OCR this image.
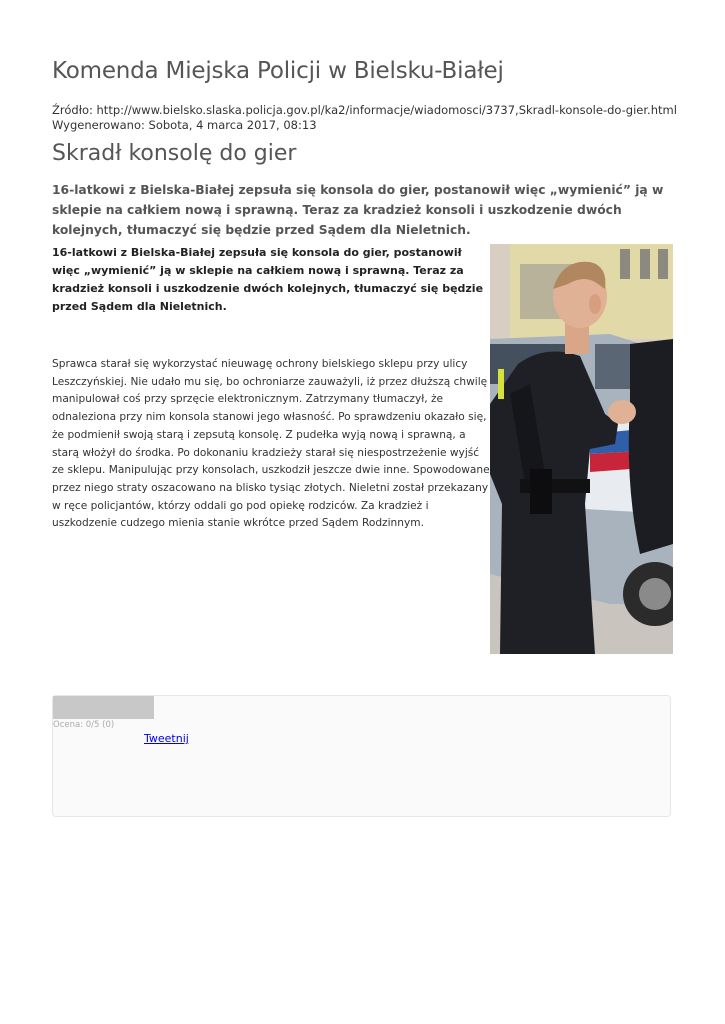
Komenda Miejska Policji w Bielsku-Białej
Źródło: http://www.bielsko.slaska.policja.gov.pl/ka2/informacje/wiadomosci/3737,Skradl-konsole-do-gier.html
Wygenerowano: Sobota, 4 marca 2017, 08:13
Skradł konsolę do gier

16-latkowi z Bielska-Białej zepsuła się konsola do gier, postanowił więc „wymienić” ją w sklepie na całkiem nową i sprawną. Teraz za kradzież konsoli i uszkodzenie dwóch kolejnych, tłumaczyć się będzie przed Sądem dla Nieletnich.

16-latkowi z Bielska-Białej zepsuła się konsola do gier, postanowił więc „wymienić” ją w sklepie na całkiem nową i sprawną. Teraz za kradzież konsoli i uszkodzenie dwóch kolejnych, tłumaczyć się będzie przed Sądem dla Nieletnich.

Sprawca starał się wykorzystać nieuwagę ochrony bielskiego sklepu przy ulicy Leszczyńskiej. Nie udało mu się, bo ochroniarze zauważyli, iż przez dłuższą chwilę manipulował coś przy sprzęcie elektronicznym. Zatrzymany tłumaczył, że odnaleziona przy nim konsola stanowi jego własność. Po sprawdzeniu okazało się, że podmienił swoją starą i zepsutą konsolę. Z pudełka wyją nową i sprawną, a starą włożył do środka. Po dokonaniu kradzieży starał się niespostrzeżenie wyjść ze sklepu. Manipulując przy konsolach, uszkodził jeszcze dwie inne. Spowodowane przez niego straty oszacowano na blisko tysiąc złotych. Nieletni został przekazany w ręce policjantów, którzy oddali go pod opiekę rodziców. Za kradzież i uszkodzenie cudzego mienia stanie wkrótce przed Sądem Rodzinnym.

Ocena: 0/5 (0)
Tweetnij
